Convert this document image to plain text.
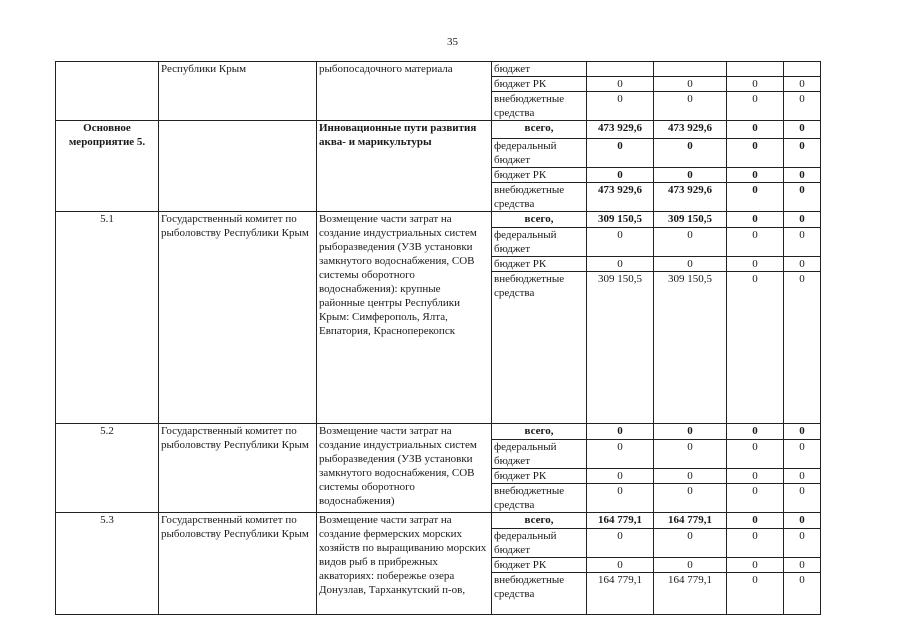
35
	Республики Крым	рыбопосадочного материала	бюджет				
			бюджет РК	0	0	0	0
			внебюджетные средства	0	0	0	0
Основное мероприятие 5.		Инновационные пути развития аква- и марикультуры	всего,	473 929,6	473 929,6	0	0
			федеральный бюджет	0	0	0	0
			бюджет РК	0	0	0	0
			внебюджетные средства	473 929,6	473 929,6	0	0
5.1	Государственный комитет по рыболовству Республики Крым	Возмещение части затрат на создание индустриальных систем рыборазведения (УЗВ установки замкнутого водоснабжения, СОВ системы оборотного водоснабжения): крупные районные центры Республики Крым: Симферополь, Ялта, Евпатория, Красноперекопск	всего,	309 150,5	309 150,5	0	0
			федеральный бюджет	0	0	0	0
			бюджет РК	0	0	0	0
			внебюджетные средства	309 150,5	309 150,5	0	0
5.2	Государственный комитет по рыболовству Республики Крым	Возмещение части затрат на создание индустриальных систем рыборазведения (УЗВ установки замкнутого водоснабжения, СОВ системы оборотного водоснабжения)	всего,	0	0	0	0
			федеральный бюджет	0	0	0	0
			бюджет РК	0	0	0	0
			внебюджетные средства	0	0	0	0
5.3	Государственный комитет по рыболовству Республики Крым	Возмещение части затрат на создание фермерских морских хозяйств по выращиванию морских видов рыб в прибрежных акваториях: побережье озера Донузлав, Тарханкутский п-ов,	всего,	164 779,1	164 779,1	0	0
			федеральный бюджет	0	0	0	0
			бюджет РК	0	0	0	0
			внебюджетные средства	164 779,1	164 779,1	0	0
